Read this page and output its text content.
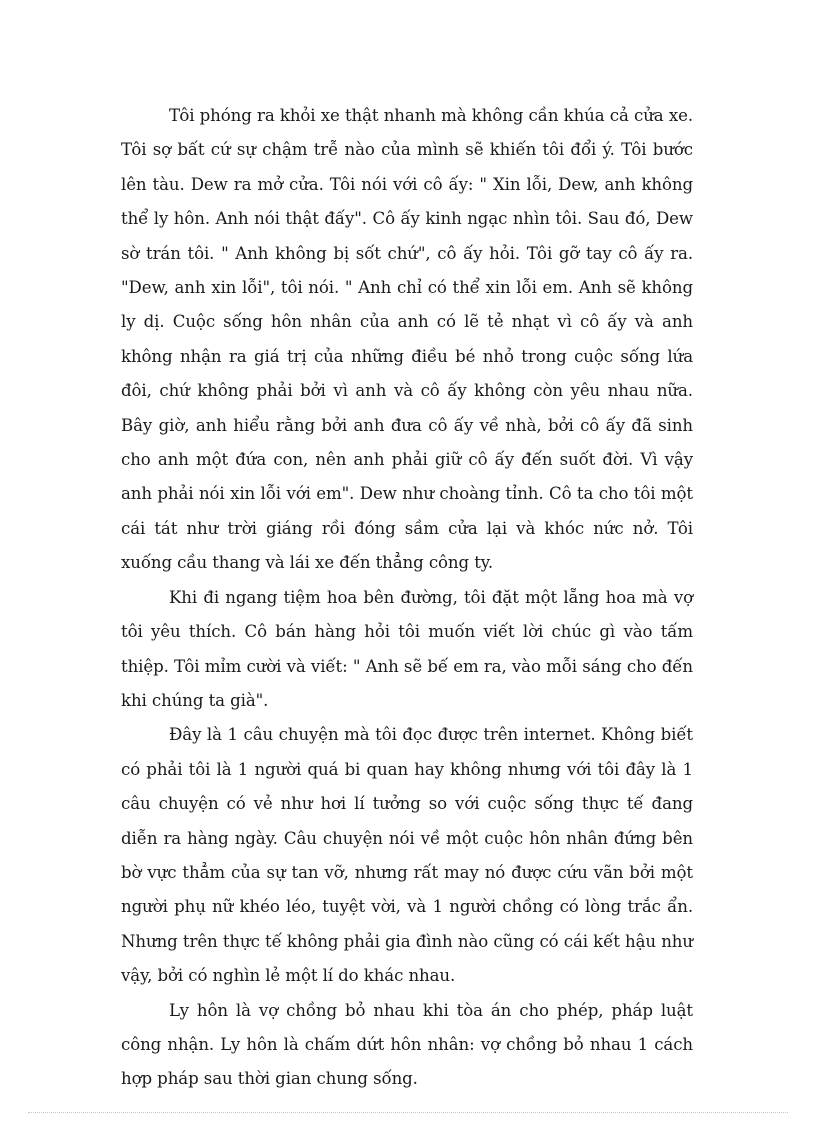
Tôi phóng ra khỏi xe thật nhanh mà không cần khúa cả cửa xe. Tôi sợ bất cứ sự chậm trễ nào của mình sẽ khiến tôi đổi ý. Tôi bước lên tàu. Dew ra mở cửa. Tôi nói với cô ấy: " Xin lỗi, Dew, anh không thể ly hôn. Anh nói thật đấy". Cô ấy kinh ngạc nhìn tôi. Sau đó, Dew sờ trán tôi. " Anh không bị sốt chứ", cô ấy hỏi. Tôi gỡ tay cô ấy ra. "Dew, anh xin lỗi", tôi nói. " Anh chỉ có thể xin lỗi em. Anh sẽ không ly dị. Cuộc sống hôn nhân của anh có lẽ tẻ nhạt vì cô ấy và anh không nhận ra giá trị của những điều bé nhỏ trong cuộc sống lứa đôi, chứ không phải bởi vì anh và cô ấy không còn yêu nhau nữa. Bây giờ, anh hiểu rằng bởi anh đưa cô ấy về nhà, bởi cô ấy đã sinh cho anh một đứa con, nên anh phải giữ cô ấy đến suốt đời. Vì vậy anh phải nói xin lỗi với em". Dew như choàng tỉnh. Cô ta cho tôi một cái tát như trời giáng rồi đóng sầm cửa lại và khóc nức nở. Tôi xuống cầu thang và lái xe đến thẳng công ty.

Khi đi ngang tiệm hoa bên đường, tôi đặt một lẵng hoa mà vợ tôi yêu thích. Cô bán hàng hỏi tôi muốn viết lời chúc gì vào tấm thiệp. Tôi mỉm cười và viết: " Anh sẽ bế em ra, vào mỗi sáng cho đến khi chúng ta già".

Đây là 1 câu chuyện mà tôi đọc được trên internet. Không biết có phải tôi là 1 người quá bi quan hay không nhưng với tôi đây là 1 câu chuyện có vẻ như hơi lí tưởng so với cuộc sống thực tế đang diễn ra hàng ngày. Câu chuyện nói về một cuộc hôn nhân đứng bên bờ vực thẳm của sự tan vỡ, nhưng rất may nó được cứu vãn bởi một người phụ nữ khéo léo, tuyệt vời, và 1 người chồng có lòng trắc ẩn. Nhưng trên thực tế không phải gia đình nào cũng có cái kết hậu như vậy, bởi có nghìn lẻ một lí do khác nhau.

Ly hôn là vợ chồng bỏ nhau khi tòa án cho phép, pháp luật công nhận. Ly hôn là chấm dứt hôn nhân: vợ chồng bỏ nhau 1 cách hợp pháp sau thời gian chung sống.
